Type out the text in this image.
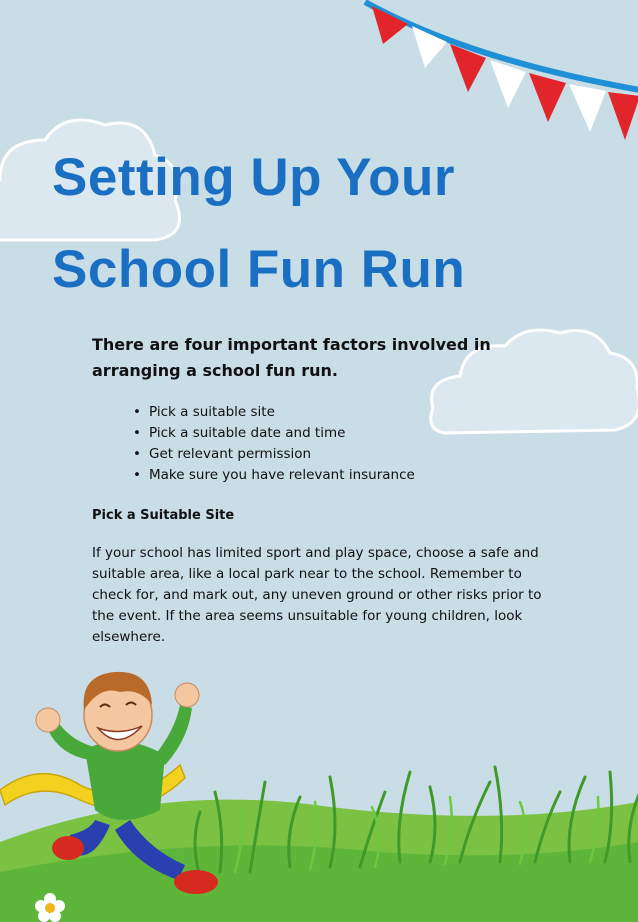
Setting Up Your
School Fun Run

There are four important factors involved in arranging a school fun run.

• Pick a suitable site
• Pick a suitable date and time
• Get relevant permission
• Make sure you have relevant insurance

Pick a Suitable Site

If your school has limited sport and play space, choose a safe and suitable area, like a local park near to the school. Remember to check for, and mark out, any uneven ground or other risks prior to the event. If the area seems unsuitable for young children, look elsewhere.
